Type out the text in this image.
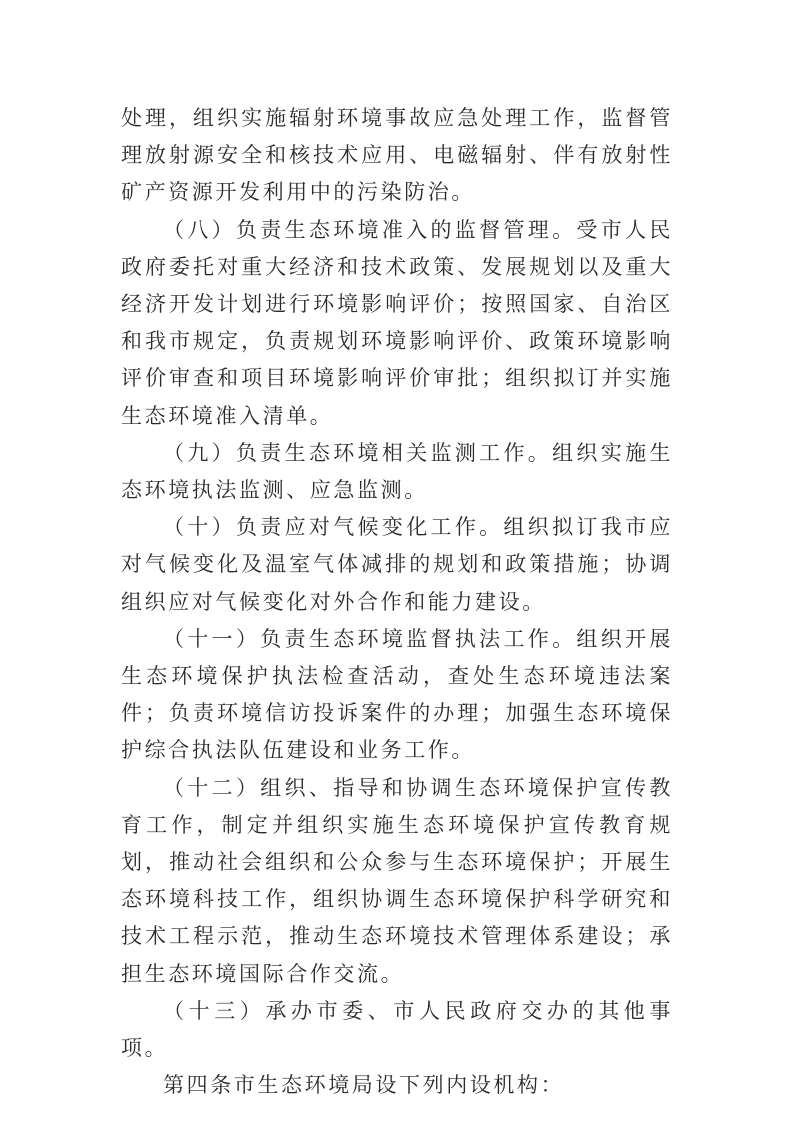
处理，组织实施辐射环境事故应急处理工作，监督管理放射源安全和核技术应用、电磁辐射、伴有放射性矿产资源开发利用中的污染防治。

（八）负责生态环境准入的监督管理。受市人民政府委托对重大经济和技术政策、发展规划以及重大经济开发计划进行环境影响评价；按照国家、自治区和我市规定，负责规划环境影响评价、政策环境影响评价审查和项目环境影响评价审批；组织拟订并实施生态环境准入清单。

（九）负责生态环境相关监测工作。组织实施生态环境执法监测、应急监测。

（十）负责应对气候变化工作。组织拟订我市应对气候变化及温室气体减排的规划和政策措施；协调组织应对气候变化对外合作和能力建设。

（十一）负责生态环境监督执法工作。组织开展生态环境保护执法检查活动，查处生态环境违法案件；负责环境信访投诉案件的办理；加强生态环境保护综合执法队伍建设和业务工作。

（十二）组织、指导和协调生态环境保护宣传教育工作，制定并组织实施生态环境保护宣传教育规划，推动社会组织和公众参与生态环境保护；开展生态环境科技工作，组织协调生态环境保护科学研究和技术工程示范，推动生态环境技术管理体系建设；承担生态环境国际合作交流。

（十三）承办市委、市人民政府交办的其他事项。

第四条市生态环境局设下列内设机构：
